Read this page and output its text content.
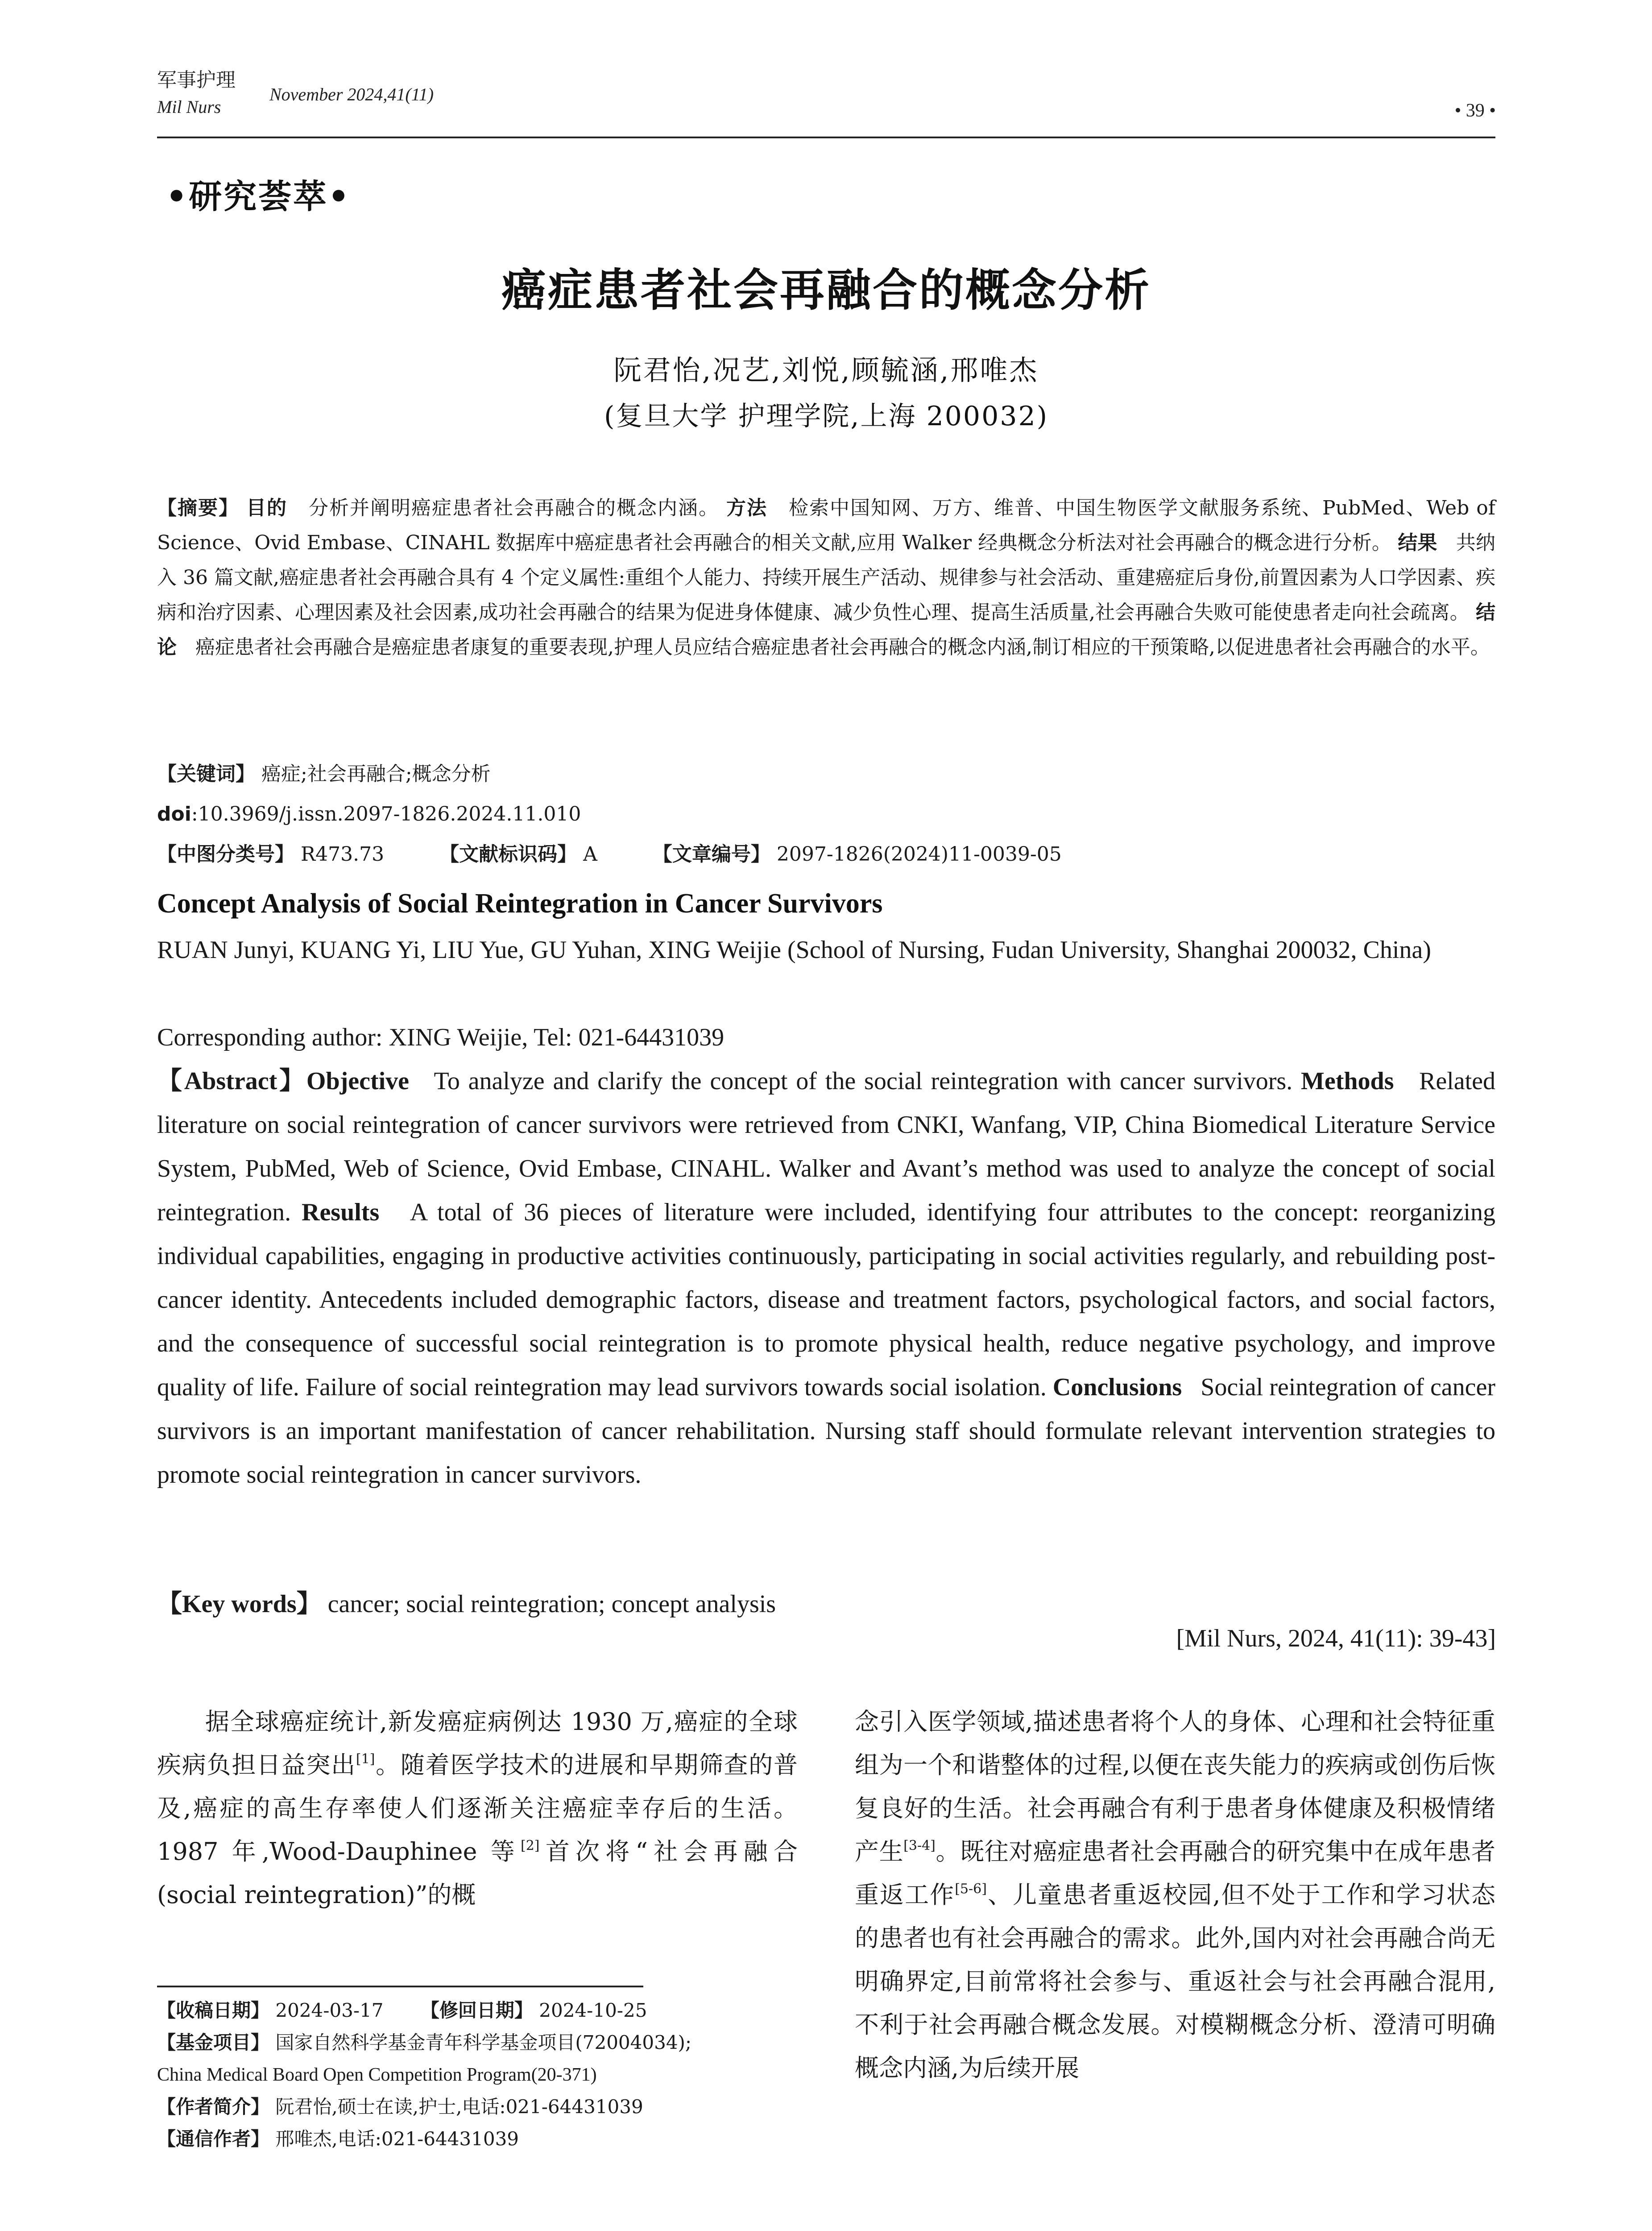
军事护理
Mil Nurs
November 2024,41(11)
• 39 •
•研究荟萃•
癌症患者社会再融合的概念分析
阮君怡,况艺,刘悦,顾毓涵,邢唯杰
(复旦大学 护理学院,上海 200032)
【摘要】 目的 分析并阐明癌症患者社会再融合的概念内涵。 方法 检索中国知网、万方、维普、中国生物医学文献服务系统、PubMed、Web of Science、Ovid Embase、CINAHL 数据库中癌症患者社会再融合的相关文献,应用 Walker 经典概念分析法对社会再融合的概念进行分析。 结果 共纳入 36 篇文献,癌症患者社会再融合具有 4 个定义属性:重组个人能力、持续开展生产活动、规律参与社会活动、重建癌症后身份,前置因素为人口学因素、疾病和治疗因素、心理因素及社会因素,成功社会再融合的结果为促进身体健康、减少负性心理、提高生活质量,社会再融合失败可能使患者走向社会疏离。 结论 癌症患者社会再融合是癌症患者康复的重要表现,护理人员应结合癌症患者社会再融合的概念内涵,制订相应的干预策略,以促进患者社会再融合的水平。
【关键词】 癌症;社会再融合;概念分析
doi:10.3969/j.issn.2097-1826.2024.11.010
【中图分类号】 R473.73	【文献标识码】 A	【文章编号】 2097-1826(2024)11-0039-05
Concept Analysis of Social Reintegration in Cancer Survivors
RUAN Junyi, KUANG Yi, LIU Yue, GU Yuhan, XING Weijie (School of Nursing, Fudan University, Shanghai 200032, China)
Corresponding author: XING Weijie, Tel: 021-64431039
【Abstract】Objective To analyze and clarify the concept of the social reintegration with cancer survivors. Methods Related literature on social reintegration of cancer survivors were retrieved from CNKI, Wanfang, VIP, China Biomedical Literature Service System, PubMed, Web of Science, Ovid Embase, CINAHL. Walker and Avant’s method was used to analyze the concept of social reintegration. Results A total of 36 pieces of literature were included, identifying four attributes to the concept: reorganizing individual capabilities, engaging in productive activities continuously, participating in social activities regularly, and rebuilding post-cancer identity. Antecedents included demographic factors, disease and treatment factors, psychological factors, and social factors, and the consequence of successful social reintegration is to promote physical health, reduce negative psychology, and improve quality of life. Failure of social reintegration may lead survivors towards social isolation. Conclusions Social reintegration of cancer survivors is an important manifestation of cancer rehabilitation. Nursing staff should formulate relevant intervention strategies to promote social reintegration in cancer survivors.
【Key words】 cancer; social reintegration; concept analysis
[Mil Nurs, 2024, 41(11): 39-43]

据全球癌症统计,新发癌症病例达 1930 万,癌症的全球疾病负担日益突出[1]。随着医学技术的进展和早期筛查的普及,癌症的高生存率使人们逐渐关注癌症幸存后的生活。1987 年,Wood-Dauphinee 等[2]首次将“社会再融合(social reintegration)”的概

念引入医学领域,描述患者将个人的身体、心理和社会特征重组为一个和谐整体的过程,以便在丧失能力的疾病或创伤后恢复良好的生活。社会再融合有利于患者身体健康及积极情绪产生[3-4]。既往对癌症患者社会再融合的研究集中在成年患者重返工作[5-6]、儿童患者重返校园,但不处于工作和学习状态的患者也有社会再融合的需求。此外,国内对社会再融合尚无明确界定,目前常将社会参与、重返社会与社会再融合混用,不利于社会再融合概念发展。对模糊概念分析、澄清可明确概念内涵,为后续开展

【收稿日期】 2024-03-17 【修回日期】 2024-10-25
【基金项目】 国家自然科学基金青年科学基金项目(72004034);
China Medical Board Open Competition Program(20-371)
【作者简介】 阮君怡,硕士在读,护士,电话:021-64431039
【通信作者】 邢唯杰,电话:021-64431039
